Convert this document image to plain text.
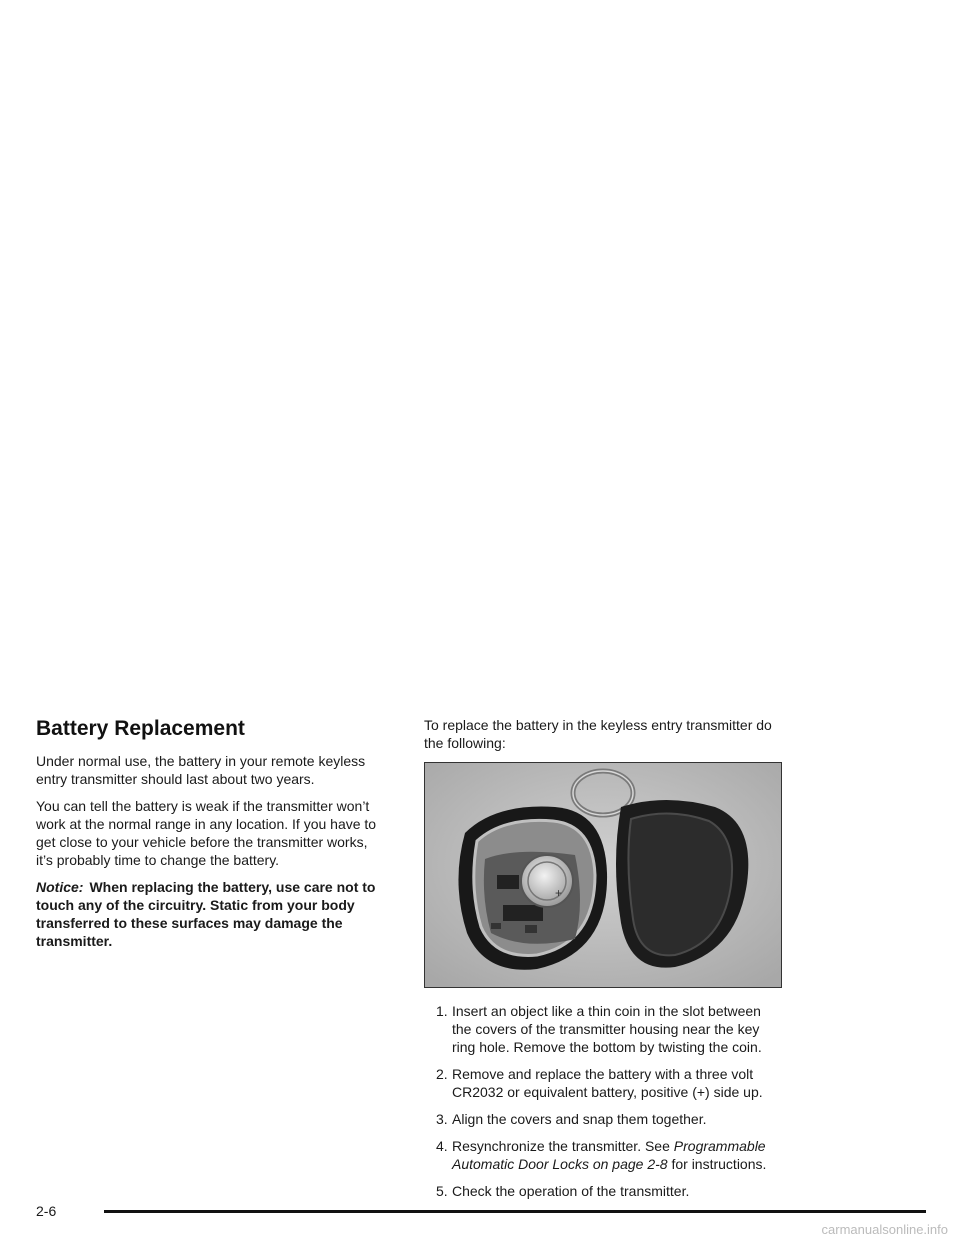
Battery Replacement

Under normal use, the battery in your remote keyless entry transmitter should last about two years.

You can tell the battery is weak if the transmitter won’t work at the normal range in any location. If you have to get close to your vehicle before the transmitter works, it’s probably time to change the battery.

Notice: When replacing the battery, use care not to touch any of the circuitry. Static from your body transferred to these surfaces may damage the transmitter.

To replace the battery in the keyless entry transmitter do the following:

+
1. Insert an object like a thin coin in the slot between the covers of the transmitter housing near the key ring hole. Remove the bottom by twisting the coin.
2. Remove and replace the battery with a three volt CR2032 or equivalent battery, positive (+) side up.
3. Align the covers and snap them together.
4. Resynchronize the transmitter. See Programmable Automatic Door Locks on page 2-8 for instructions.
5. Check the operation of the transmitter.
2-6
carmanualsonline.info
